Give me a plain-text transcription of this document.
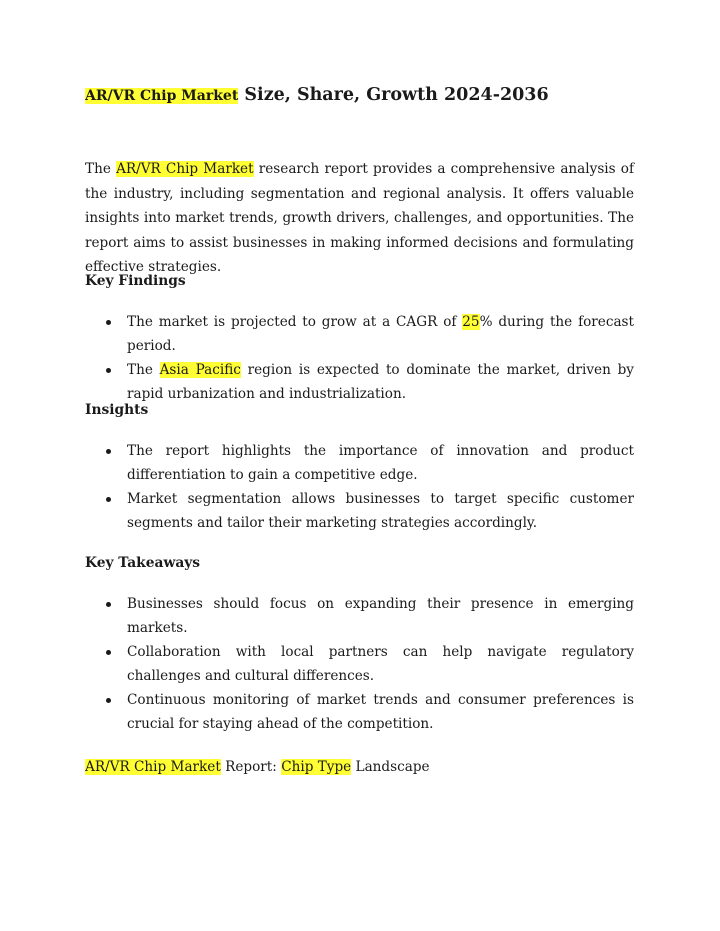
AR/VR Chip Market Size, Share, Growth 2024-2036

The AR/VR Chip Market research report provides a comprehensive analysis of the industry, including segmentation and regional analysis. It offers valuable insights into market trends, growth drivers, challenges, and opportunities. The report aims to assist businesses in making informed decisions and formulating effective strategies.

Key Findings
The market is projected to grow at a CAGR of 25% during the forecast period.
The Asia Pacific region is expected to dominate the market, driven by rapid urbanization and industrialization.
Insights
The report highlights the importance of innovation and product differentiation to gain a competitive edge.
Market segmentation allows businesses to target specific customer segments and tailor their marketing strategies accordingly.
Key Takeaways
Businesses should focus on expanding their presence in emerging markets.
Collaboration with local partners can help navigate regulatory challenges and cultural differences.
Continuous monitoring of market trends and consumer preferences is crucial for staying ahead of the competition.

AR/VR Chip Market Report: Chip Type Landscape
